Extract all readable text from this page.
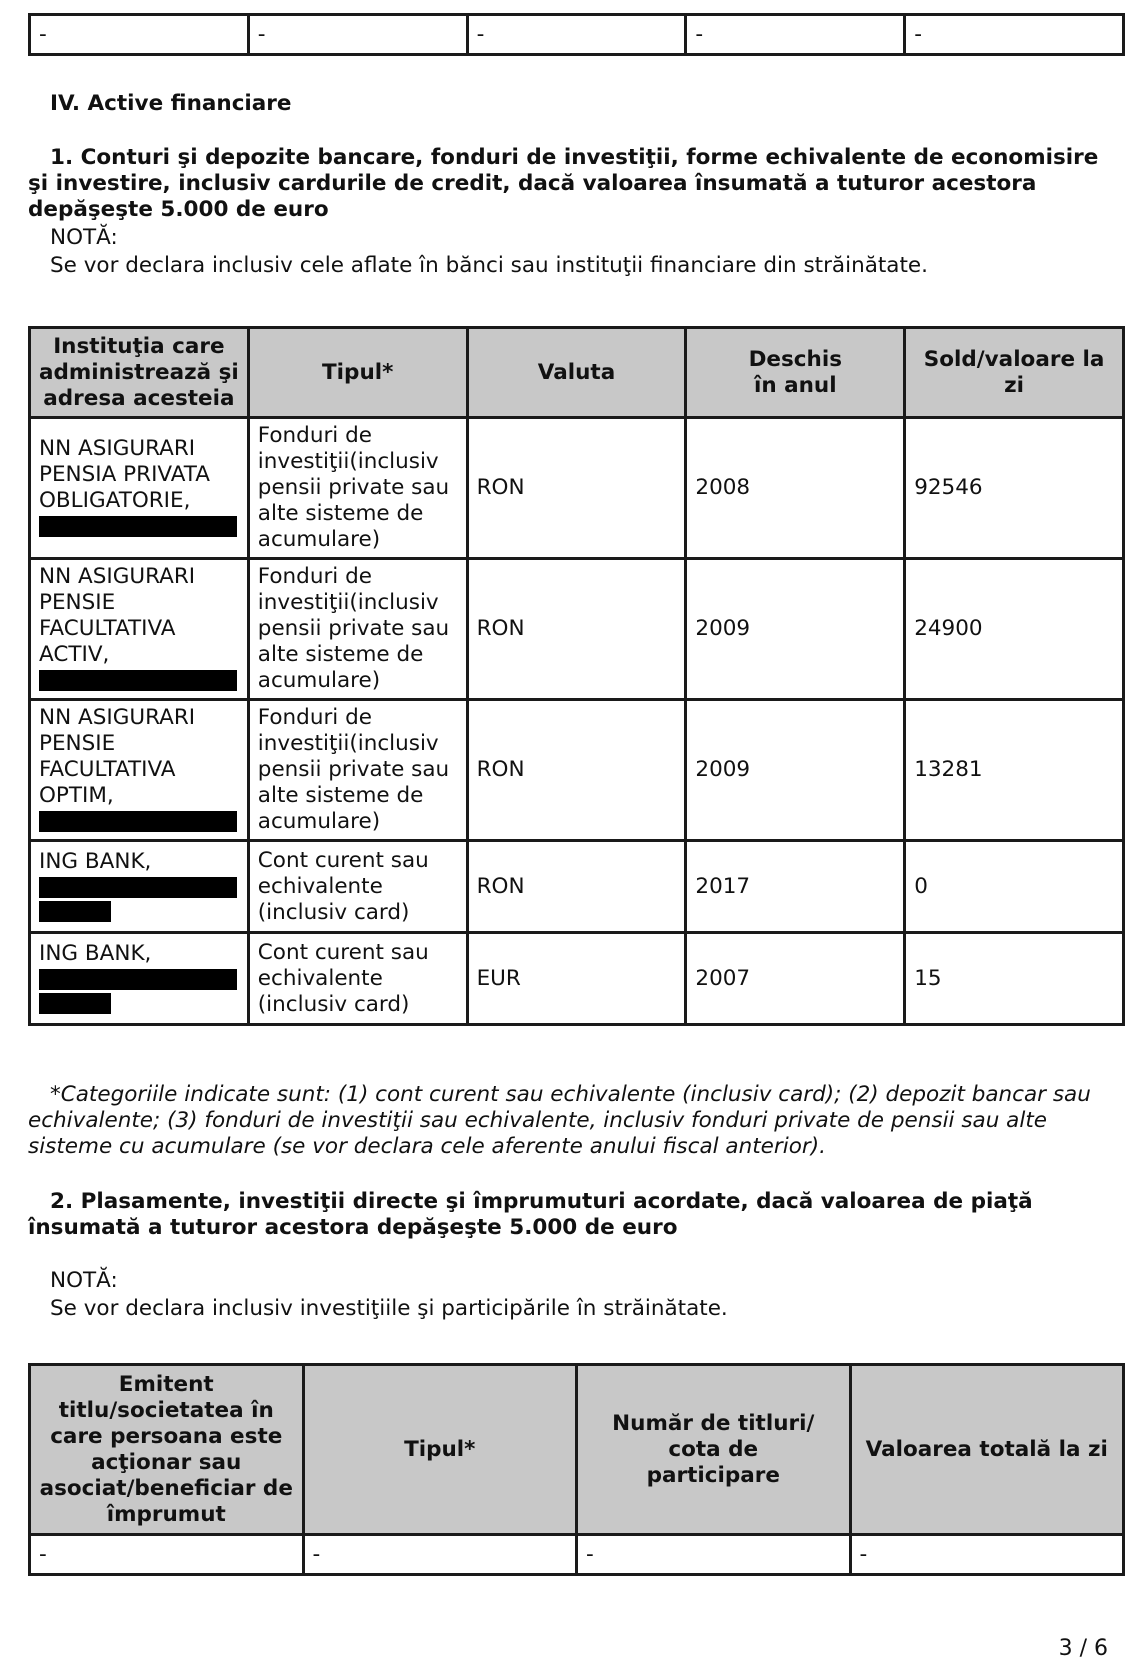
-	-	-	-	-
IV. Active financiare
1. Conturi şi depozite bancare, fonduri de investiţii, forme echivalente de economisire şi investire, inclusiv cardurile de credit, dacă valoarea însumată a tuturor acestora depăşeşte 5.000 de euro
NOTĂ:
Se vor declara inclusiv cele aflate în bănci sau instituţii financiare din străinătate.
Instituţia care administrează şi adresa acesteia	Tipul*	Valuta	Deschis în anul	Sold/valoare la zi
NN ASIGURARI PENSIA PRIVATA OBLIGATORIE,	Fonduri de investiţii(inclusiv pensii private sau alte sisteme de acumulare)	RON	2008	92546
NN ASIGURARI PENSIE FACULTATIVA ACTIV,	Fonduri de investiţii(inclusiv pensii private sau alte sisteme de acumulare)	RON	2009	24900
NN ASIGURARI PENSIE FACULTATIVA OPTIM,	Fonduri de investiţii(inclusiv pensii private sau alte sisteme de acumulare)	RON	2009	13281
ING BANK,	Cont curent sau echivalente (inclusiv card)	RON	2017	0
ING BANK,	Cont curent sau echivalente (inclusiv card)	EUR	2007	15
*Categoriile indicate sunt: (1) cont curent sau echivalente (inclusiv card); (2) depozit bancar sau echivalente; (3) fonduri de investiţii sau echivalente, inclusiv fonduri private de pensii sau alte sisteme cu acumulare (se vor declara cele aferente anului fiscal anterior).
2. Plasamente, investiţii directe şi împrumuturi acordate, dacă valoarea de piaţă însumată a tuturor acestora depăşeşte 5.000 de euro
NOTĂ:
Se vor declara inclusiv investiţiile şi participările în străinătate.
Emitent titlu/societatea în care persoana este acţionar sau asociat/beneficiar de împrumut	Tipul*	Număr de titluri/ cota de participare	Valoarea totală la zi
-	-	-	-
3 / 6
